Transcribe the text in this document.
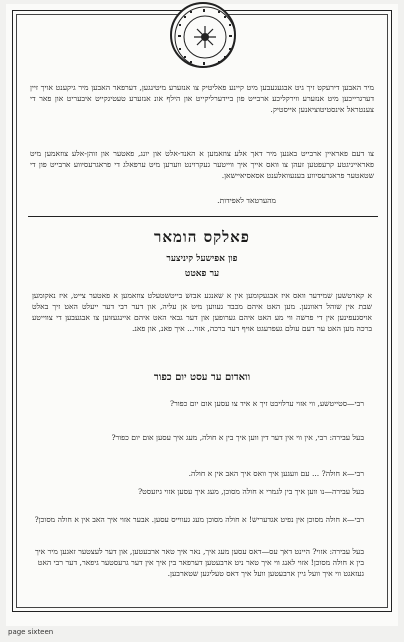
מיר האבען דירעקט זיך גיט אבגעגעבען מיט קיינע פאליטיק צו אנזערע מיטינגען, דערפאר האבען מיר גיקענט אויך זיין דערגרייכען מיט אנזערע װירקליכע ארבייט פון ביידערליקייט און הילף אונ אנזערע טעטיגקייט איבעריט און פאר די צענטראל אינסטיטוציאנען אייסטיק.
צו דעם פאראיין ארבייט באנען מיר דאך אלע צוזאמען א האנד-אלט און יונג, פאטער און זוהן-אלע צוזאמען מיט פאראייניגטע קרעפטען זעהן צו וואס אייך איך ווייטער געקרוינט װערען מיט ערפאלג די פראגרעסיווע ארבייט פון די שטאטער פראגרעסיווע בענעוואלענט אסאסיאיישאן.
מהערטאד לאפידות.
פאלקס הומאר
פון אפישעל קיניצער
ער פאטט
א קארטשען שמידער וואס איז אבגעקומען אין א שאנגע אבזש בייטשטעלט צוזאמען א פאטער צייט, איז נאקומען שבת אין שוהל דאוונען. מען האט איהם מכבד געווען מיט אן עליה, און דער רבי דער ייעלט האט זיך באלט אויסגעפינען אין די פרשה ווי מע האט איהם גערופען און דער גבאי האט איהם איינגעזוען צו אבגעבען די צווייטע ברכה מען האט ער דעם עולם געפרעגט אויף דער ברכה, אזוי... איך פאנ, און פאנ.
וואדום ער עסט יום כפור
רבי—סטייטשע, ווי אזוי ערלויבט זיך א איד צו עסען אום יום כפור?
בעל עבירה: רבי, אין ווי אין דער דין ווען איך בין א חולה, מעג איך עסען אום יום כפור?
רבי—א חולה? ... עם וועגען איך וואס איך האב אין א חולה.
בעל עבירה—נו ווען איך בין לגמרי א חולה מסוכן, מעג איך עסען אזוי גיזעסט?
רבי—א חולה מסוכן אין נפיט אגדעריש! א חולה מסוכן מעג געווייס עסען. אבער אזוי איך האב אין א חולה מסוכן?
בעל עבירה: אזוי? היינט דאך עס—דאס עסען מעג איך, נאר איך טאר ארבעטען, און דער לעצטער זאגען מיר איך בין א חולה מסוכן! אזוי לאנג ווי איך טאר ניט ארבעטען דערפאר בין איך אין דער גרעסטער גיפאר, דער רבי האט געזאגט ווי איך וועל גיין ארבעטען וועל איך דאס טעליגען שטארבען.
page sixteen
